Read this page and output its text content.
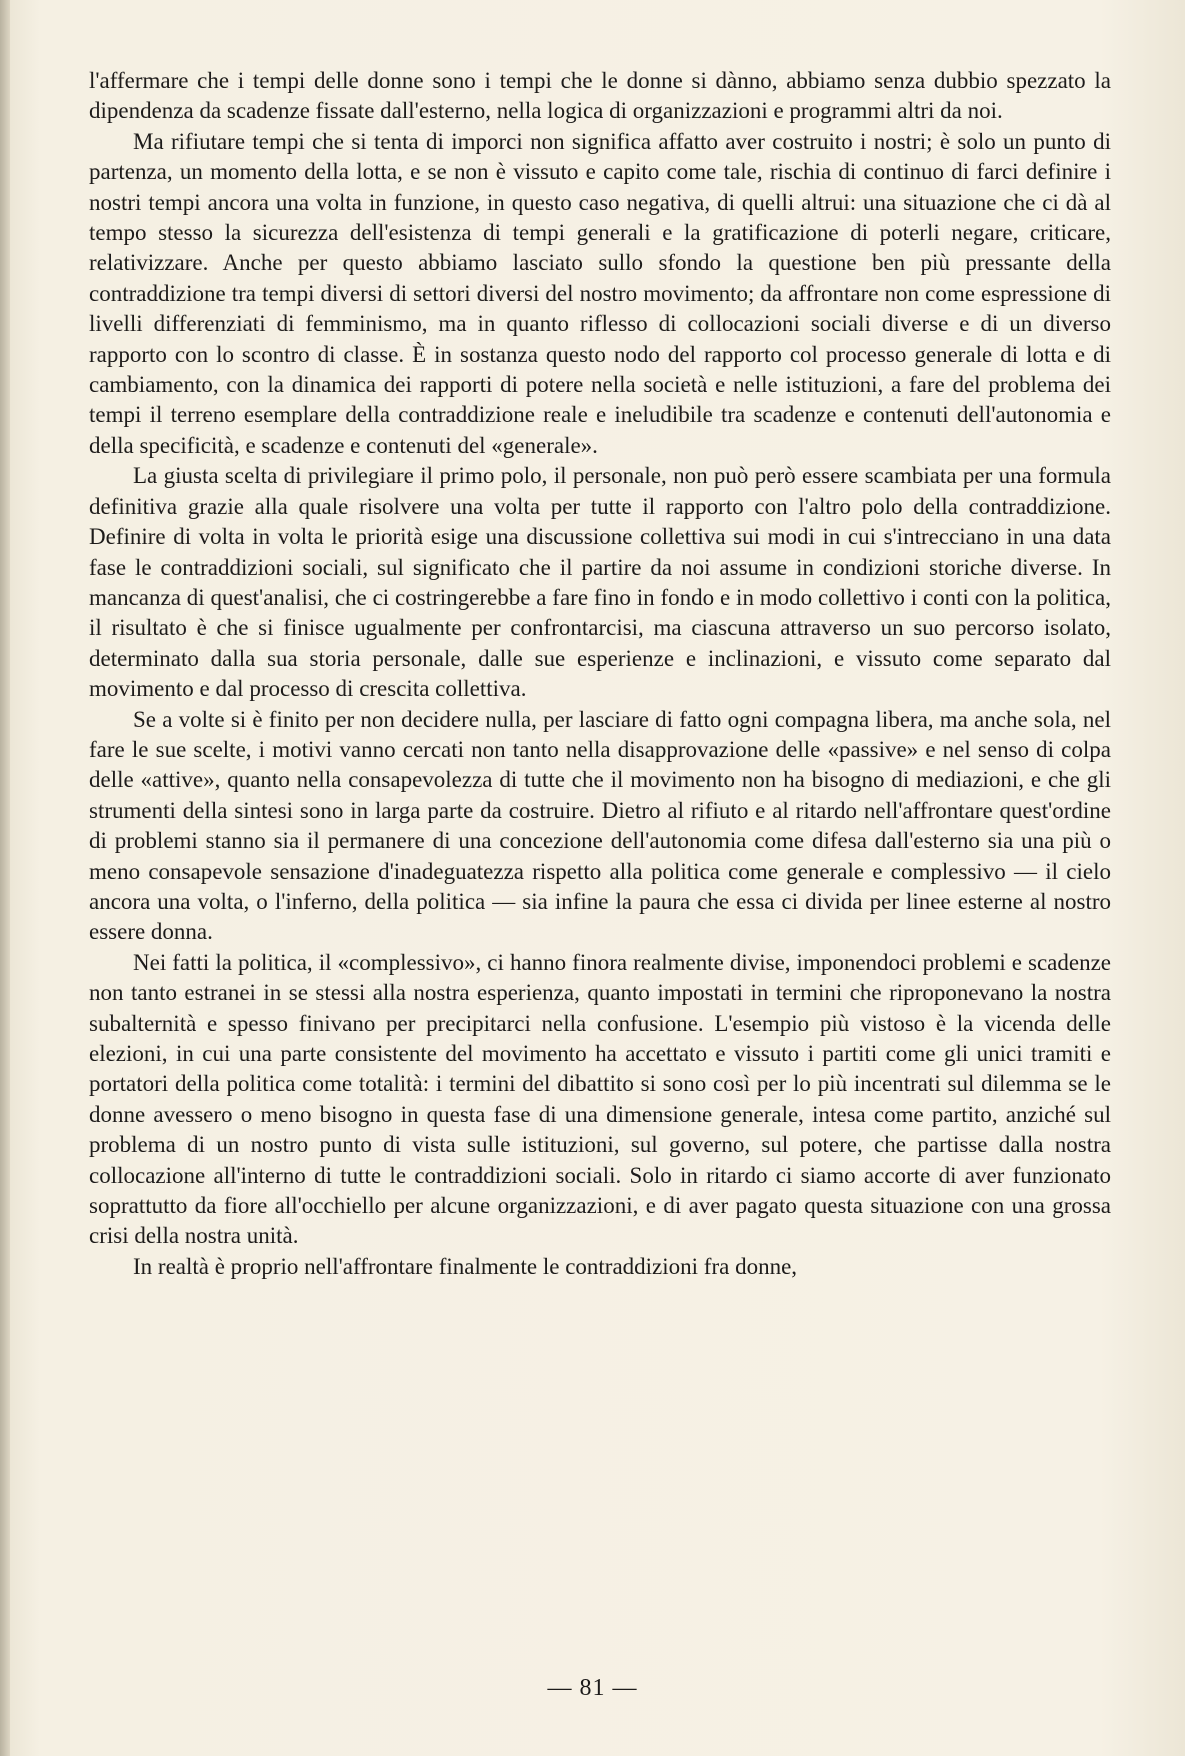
l'affermare che i tempi delle donne sono i tempi che le donne si dànno, abbiamo senza dubbio spezzato la dipendenza da scadenze fissate dall'esterno, nella logica di organizzazioni e programmi altri da noi.

Ma rifiutare tempi che si tenta di imporci non significa affatto aver costruito i nostri; è solo un punto di partenza, un momento della lotta, e se non è vissuto e capito come tale, rischia di continuo di farci definire i nostri tempi ancora una volta in funzione, in questo caso negativa, di quelli altrui: una situazione che ci dà al tempo stesso la sicurezza dell'esistenza di tempi generali e la gratificazione di poterli negare, criticare, relativizzare. Anche per questo abbiamo lasciato sullo sfondo la questione ben più pressante della contraddizione tra tempi diversi di settori diversi del nostro movimento; da affrontare non come espressione di livelli differenziati di femminismo, ma in quanto riflesso di collocazioni sociali diverse e di un diverso rapporto con lo scontro di classe. È in sostanza questo nodo del rapporto col processo generale di lotta e di cambiamento, con la dinamica dei rapporti di potere nella società e nelle istituzioni, a fare del problema dei tempi il terreno esemplare della contraddizione reale e ineludibile tra scadenze e contenuti dell'autonomia e della specificità, e scadenze e contenuti del «generale».

La giusta scelta di privilegiare il primo polo, il personale, non può però essere scambiata per una formula definitiva grazie alla quale risolvere una volta per tutte il rapporto con l'altro polo della contraddizione. Definire di volta in volta le priorità esige una discussione collettiva sui modi in cui s'intrecciano in una data fase le contraddizioni sociali, sul significato che il partire da noi assume in condizioni storiche diverse. In mancanza di quest'analisi, che ci costringerebbe a fare fino in fondo e in modo collettivo i conti con la politica, il risultato è che si finisce ugualmente per confrontarcisi, ma ciascuna attraverso un suo percorso isolato, determinato dalla sua storia personale, dalle sue esperienze e inclinazioni, e vissuto come separato dal movimento e dal processo di crescita collettiva.

Se a volte si è finito per non decidere nulla, per lasciare di fatto ogni compagna libera, ma anche sola, nel fare le sue scelte, i motivi vanno cercati non tanto nella disapprovazione delle «passive» e nel senso di colpa delle «attive», quanto nella consapevolezza di tutte che il movimento non ha bisogno di mediazioni, e che gli strumenti della sintesi sono in larga parte da costruire. Dietro al rifiuto e al ritardo nell'affrontare quest'ordine di problemi stanno sia il permanere di una concezione dell'autonomia come difesa dall'esterno sia una più o meno consapevole sensazione d'inadeguatezza rispetto alla politica come generale e complessivo — il cielo ancora una volta, o l'inferno, della politica — sia infine la paura che essa ci divida per linee esterne al nostro essere donna.

Nei fatti la politica, il «complessivo», ci hanno finora realmente divise, imponendoci problemi e scadenze non tanto estranei in se stessi alla nostra esperienza, quanto impostati in termini che riproponevano la nostra subalternità e spesso finivano per precipitarci nella confusione. L'esempio più vistoso è la vicenda delle elezioni, in cui una parte consistente del movimento ha accettato e vissuto i partiti come gli unici tramiti e portatori della politica come totalità: i termini del dibattito si sono così per lo più incentrati sul dilemma se le donne avessero o meno bisogno in questa fase di una dimensione generale, intesa come partito, anziché sul problema di un nostro punto di vista sulle istituzioni, sul governo, sul potere, che partisse dalla nostra collocazione all'interno di tutte le contraddizioni sociali. Solo in ritardo ci siamo accorte di aver funzionato soprattutto da fiore all'occhiello per alcune organizzazioni, e di aver pagato questa situazione con una grossa crisi della nostra unità.

In realtà è proprio nell'affrontare finalmente le contraddizioni fra donne,

— 81 —
